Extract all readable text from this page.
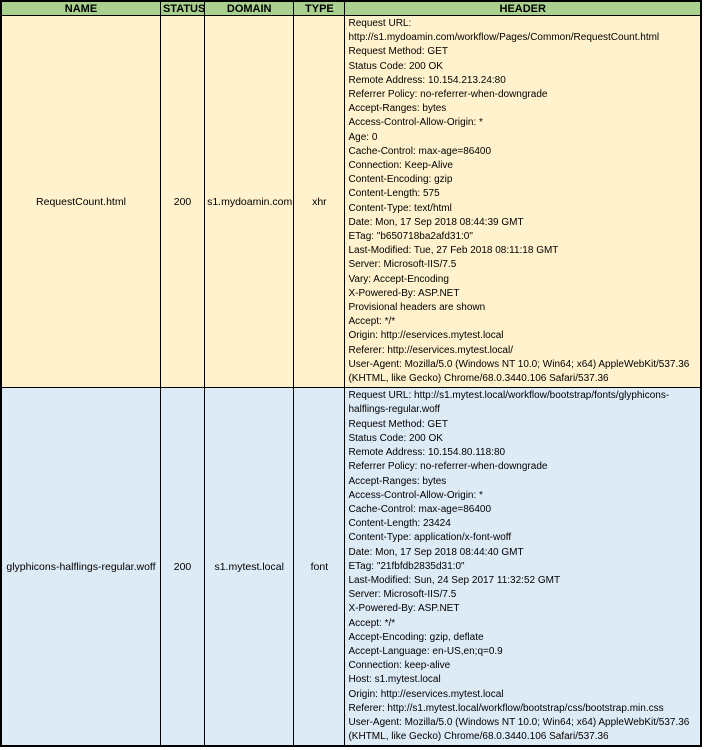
NAME	STATUS	DOMAIN	TYPE	HEADER
RequestCount.html	200	s1.mydoamin.com	xhr	
Request URL:
http://s1.mydoamin.com/workflow/Pages/Common/RequestCount.html
Request Method: GET
Status Code: 200 OK
Remote Address: 10.154.213.24:80
Referrer Policy: no-referrer-when-downgrade
Accept-Ranges: bytes
Access-Control-Allow-Origin: *
Age: 0
Cache-Control: max-age=86400
Connection: Keep-Alive
Content-Encoding: gzip
Content-Length: 575
Content-Type: text/html
Date: Mon, 17 Sep 2018 08:44:39 GMT
ETag: "b650718ba2afd31:0"
Last-Modified: Tue, 27 Feb 2018 08:11:18 GMT
Server: Microsoft-IIS/7.5
Vary: Accept-Encoding
X-Powered-By: ASP.NET
Provisional headers are shown
Accept: */*
Origin: http://eservices.mytest.local
Referer: http://eservices.mytest.local/
User-Agent: Mozilla/5.0 (Windows NT 10.0; Win64; x64) AppleWebKit/537.36
(KHTML, like Gecko) Chrome/68.0.3440.106 Safari/537.36

glyphicons-halflings-regular.woff	200	s1.mytest.local	font	
Request URL: http://s1.mytest.local/workflow/bootstrap/fonts/glyphicons-
halflings-regular.woff
Request Method: GET
Status Code: 200 OK
Remote Address: 10.154.80.118:80
Referrer Policy: no-referrer-when-downgrade
Accept-Ranges: bytes
Access-Control-Allow-Origin: *
Cache-Control: max-age=86400
Content-Length: 23424
Content-Type: application/x-font-woff
Date: Mon, 17 Sep 2018 08:44:40 GMT
ETag: "21fbfdb2835d31:0"
Last-Modified: Sun, 24 Sep 2017 11:32:52 GMT
Server: Microsoft-IIS/7.5
X-Powered-By: ASP.NET
Accept: */*
Accept-Encoding: gzip, deflate
Accept-Language: en-US,en;q=0.9
Connection: keep-alive
Host: s1.mytest.local
Origin: http://eservices.mytest.local
Referer: http://s1.mytest.local/workflow/bootstrap/css/bootstrap.min.css
User-Agent: Mozilla/5.0 (Windows NT 10.0; Win64; x64) AppleWebKit/537.36
(KHTML, like Gecko) Chrome/68.0.3440.106 Safari/537.36
